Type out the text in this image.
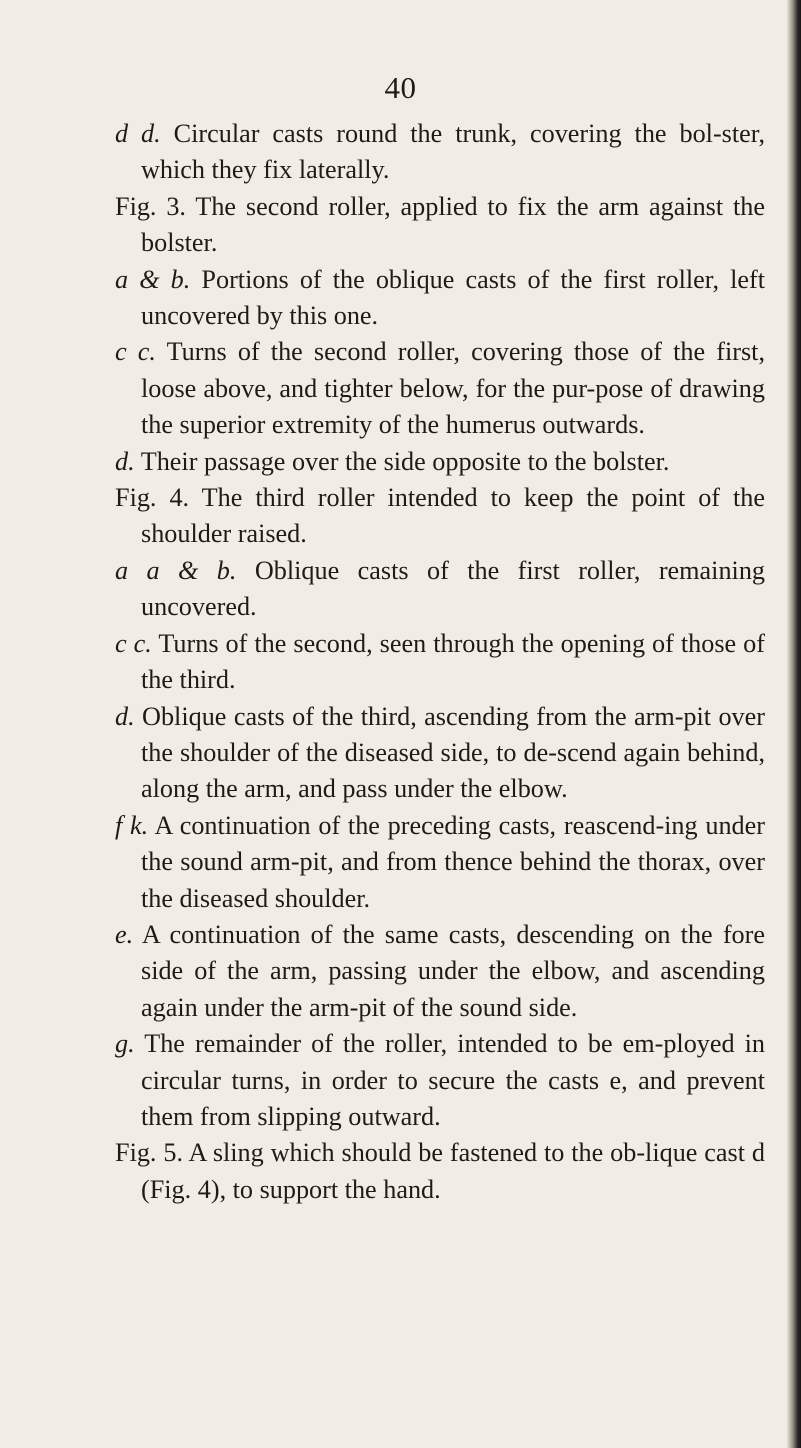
40
d d. Circular casts round the trunk, covering the bol-ster, which they fix laterally.
Fig. 3. The second roller, applied to fix the arm against the bolster.
a & b. Portions of the oblique casts of the first roller, left uncovered by this one.
c c. Turns of the second roller, covering those of the first, loose above, and tighter below, for the pur-pose of drawing the superior extremity of the humerus outwards.
d. Their passage over the side opposite to the bolster.
Fig. 4. The third roller intended to keep the point of the shoulder raised.
a a & b. Oblique casts of the first roller, remaining uncovered.
c c. Turns of the second, seen through the opening of those of the third.
d. Oblique casts of the third, ascending from the arm-pit over the shoulder of the diseased side, to de-scend again behind, along the arm, and pass under the elbow.
f k. A continuation of the preceding casts, reascend-ing under the sound arm-pit, and from thence behind the thorax, over the diseased shoulder.
e. A continuation of the same casts, descending on the fore side of the arm, passing under the elbow, and ascending again under the arm-pit of the sound side.
g. The remainder of the roller, intended to be em-ployed in circular turns, in order to secure the casts e, and prevent them from slipping outward.
Fig. 5. A sling which should be fastened to the ob-lique cast d (Fig. 4), to support the hand.
